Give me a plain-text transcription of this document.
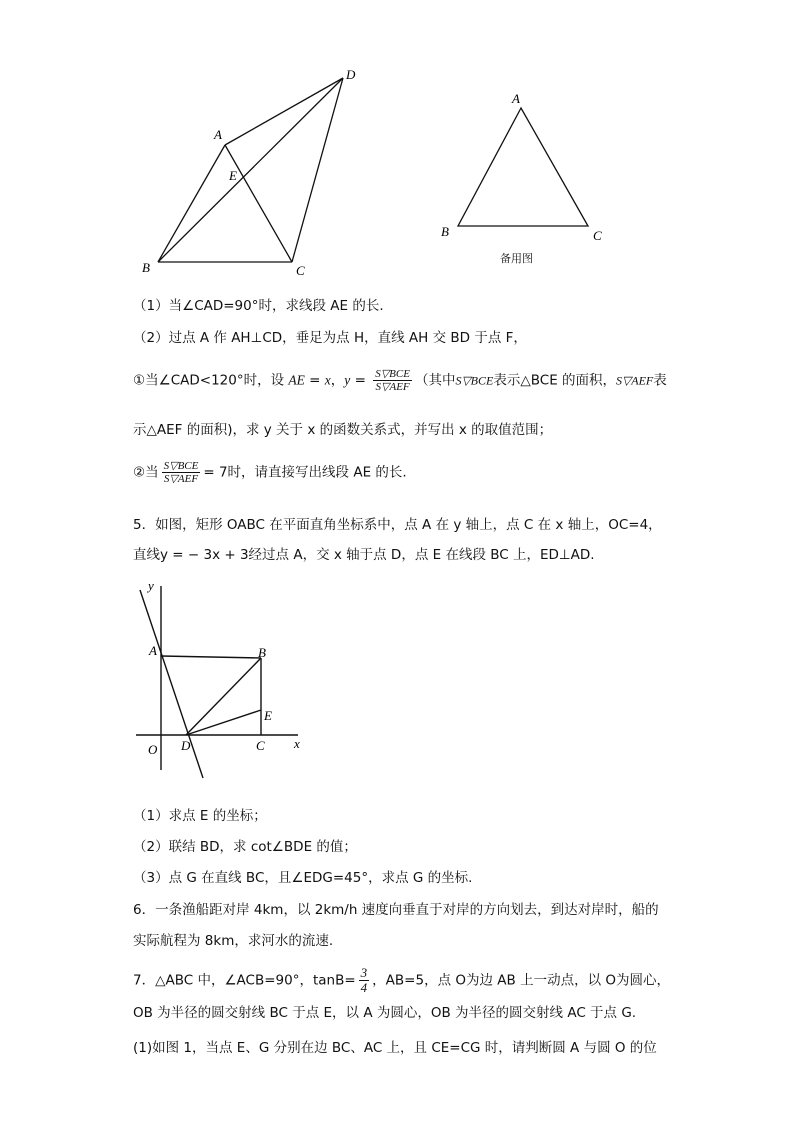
A
D
E
B	C
A
B	C
备用图
（1）当∠CAD=90°时，求线段 AE 的长.
（2）过点 A 作 AH⊥CD，垂足为点 H，直线 AH 交 BD 于点 F，
①当∠CAD<120°时，设 AE = x，$y = \frac{\text{S▽BCE}}{\text{S▽AEF}}$ （其中S▽BCE表示△BCE 的面积，S▽AEF表
示△AEF 的面积)，求 y 关于 x 的函数关系式，并写出 x 的取值范围；
②当 $\frac{\text{S▽BCE}}{\text{S▽AEF}} = 7$时，请直接写出线段 AE 的长.
5．如图，矩形 OABC 在平面直角坐标系中，点 A 在 y 轴上，点 C 在 x 轴上，OC=4，
直线y = − 3x + 3经过点 A，交 x 轴于点 D，点 E 在线段 BC 上，ED⊥AD.
y
x
O
A	B
E
C
D
（1）求点 E 的坐标；
（2）联结 BD，求 cot∠BDE 的值；
（3）点 G 在直线 BC，且∠EDG=45°，求点 G 的坐标.
6．一条渔船距对岸 4km，以 2km/h 速度向垂直于对岸的方向划去，到达对岸时，船的
实际航程为 8km，求河水的流速.
7．△ABC 中，∠ACB=90°，$\tan B= \frac{3}{4}$ ，AB=5，点 O为边 AB 上一动点，以 O为圆心，
OB 为半径的圆交射线 BC 于点 E，以 A 为圆心，OB 为半径的圆交射线 AC 于点 G.
(1)如图 1，当点 E、G 分别在边 BC、AC 上，且 CE=CG 时，请判断圆 A 与圆 O 的位
